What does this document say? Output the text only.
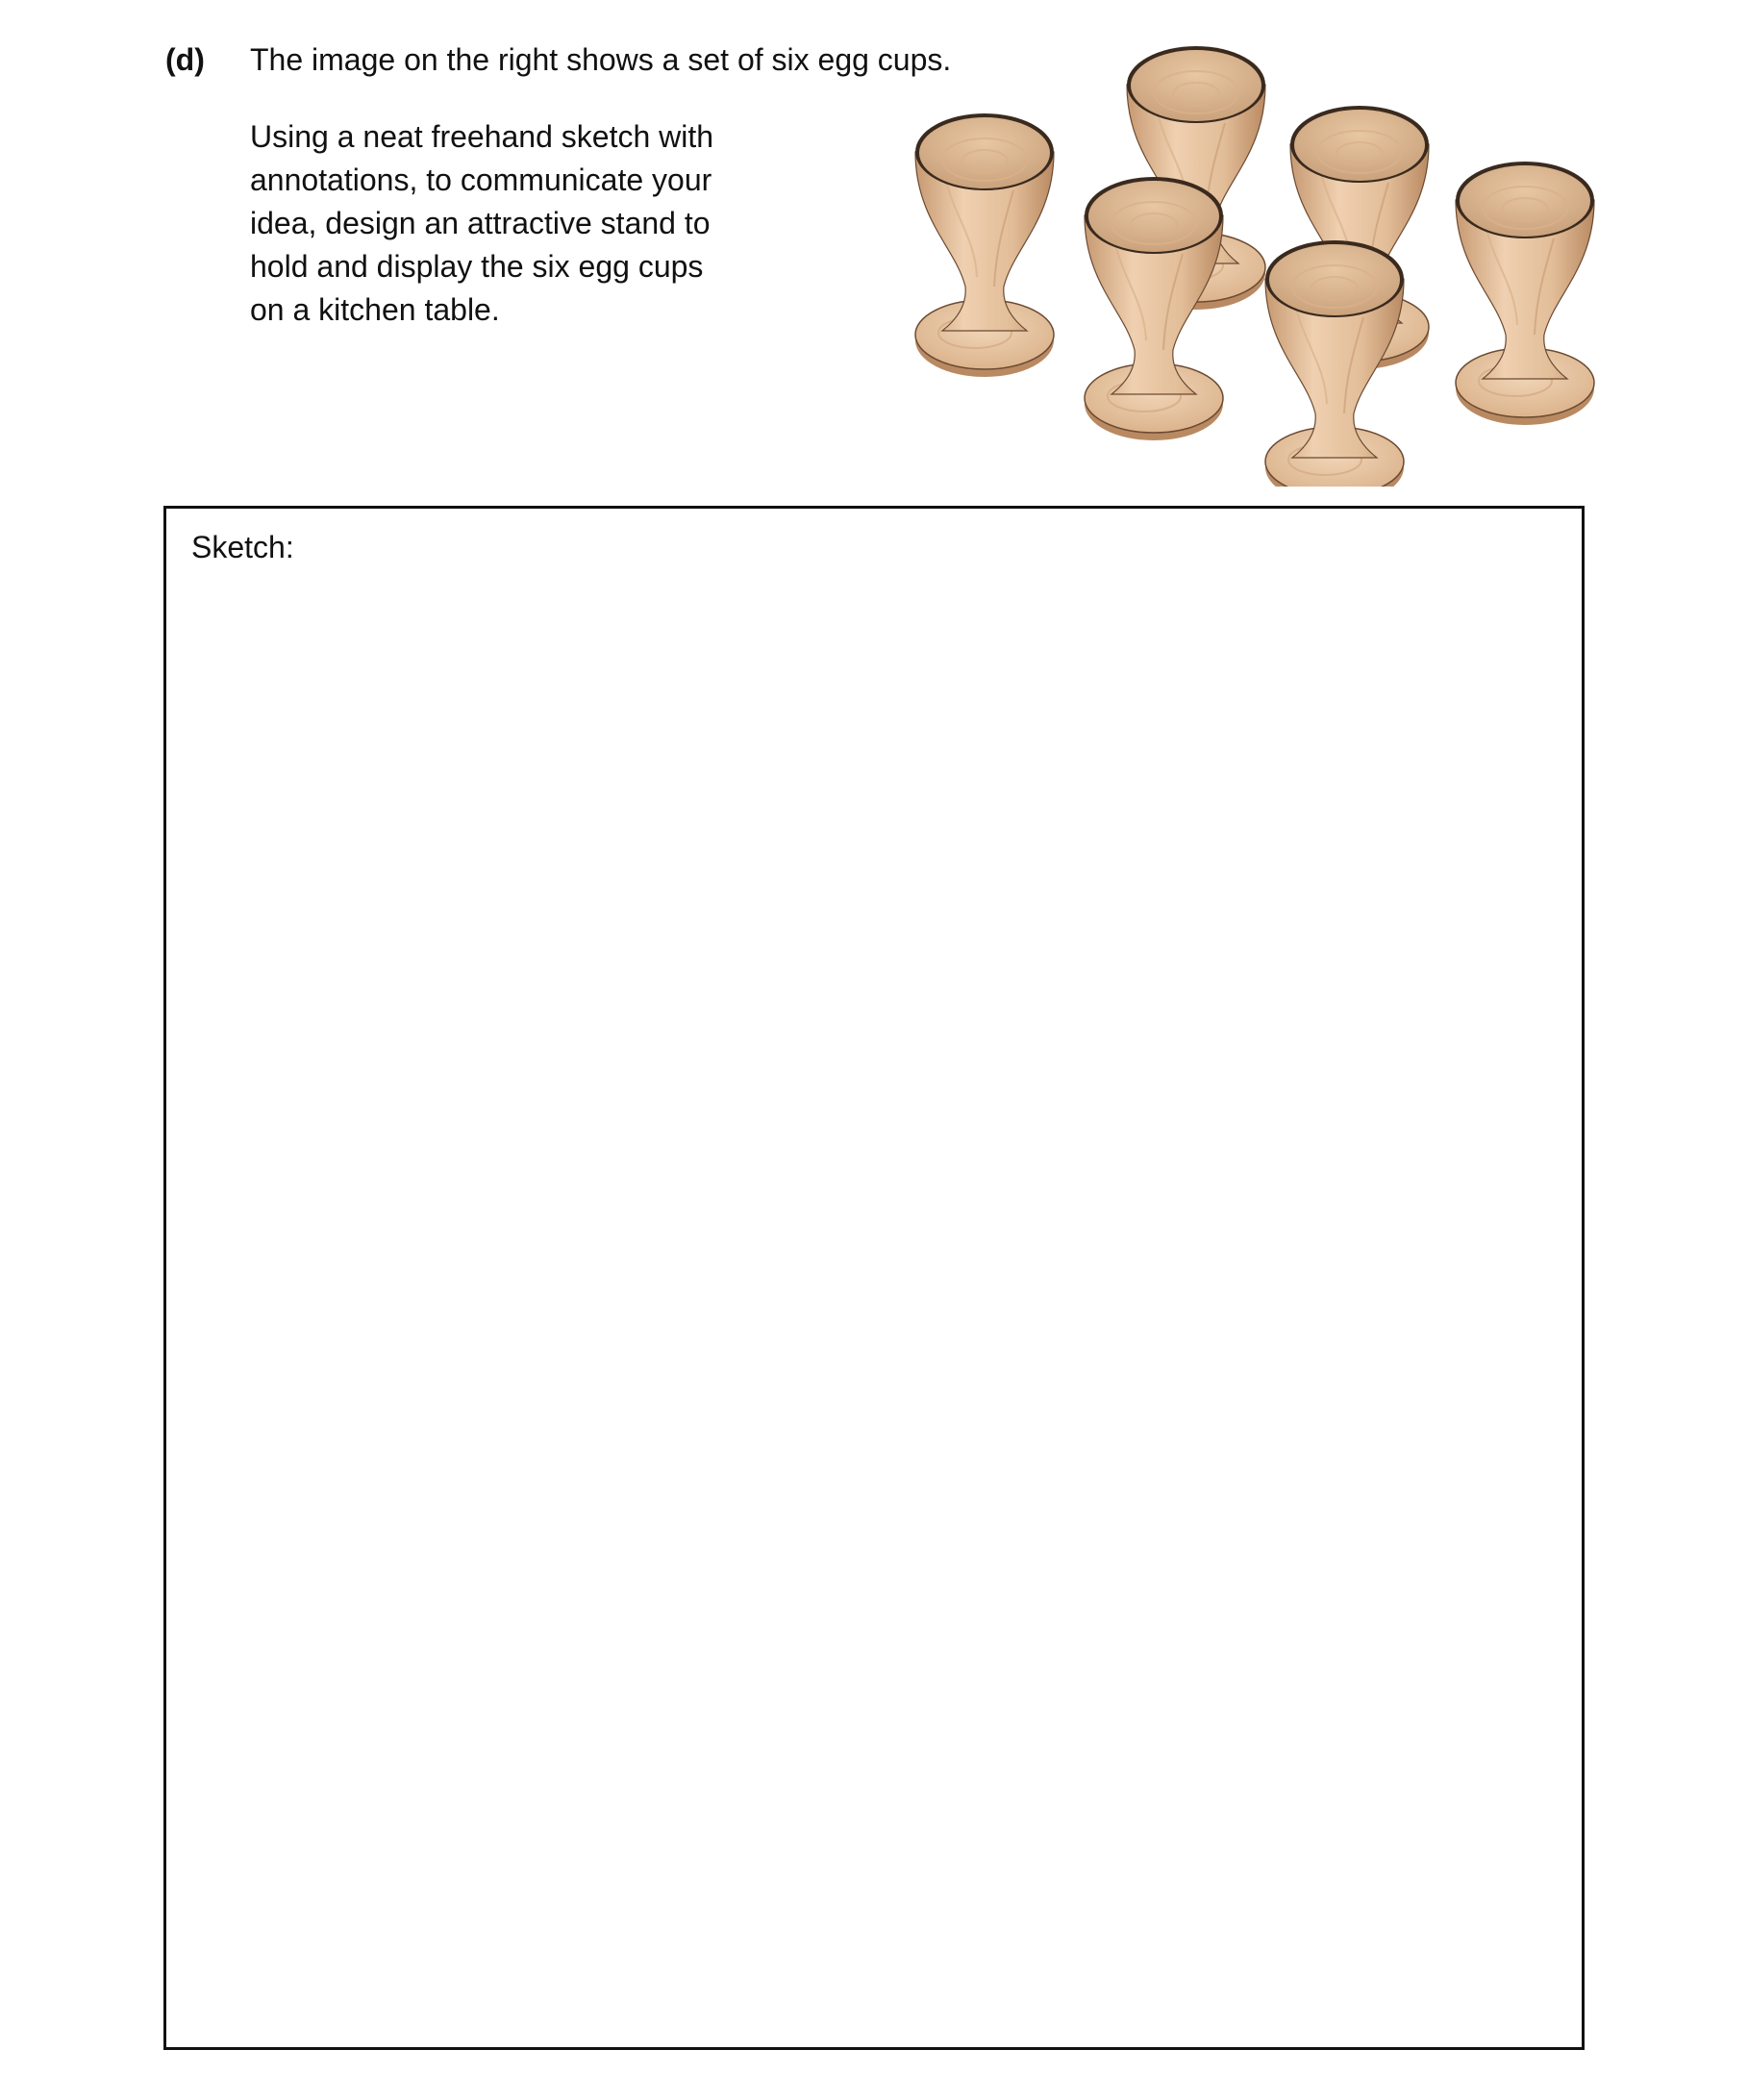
(d) The image on the right shows a set of six egg cups.
Using a neat freehand sketch with
annotations, to communicate your
idea, design an attractive stand to
hold and display the six egg cups
on a kitchen table.
Sketch:
